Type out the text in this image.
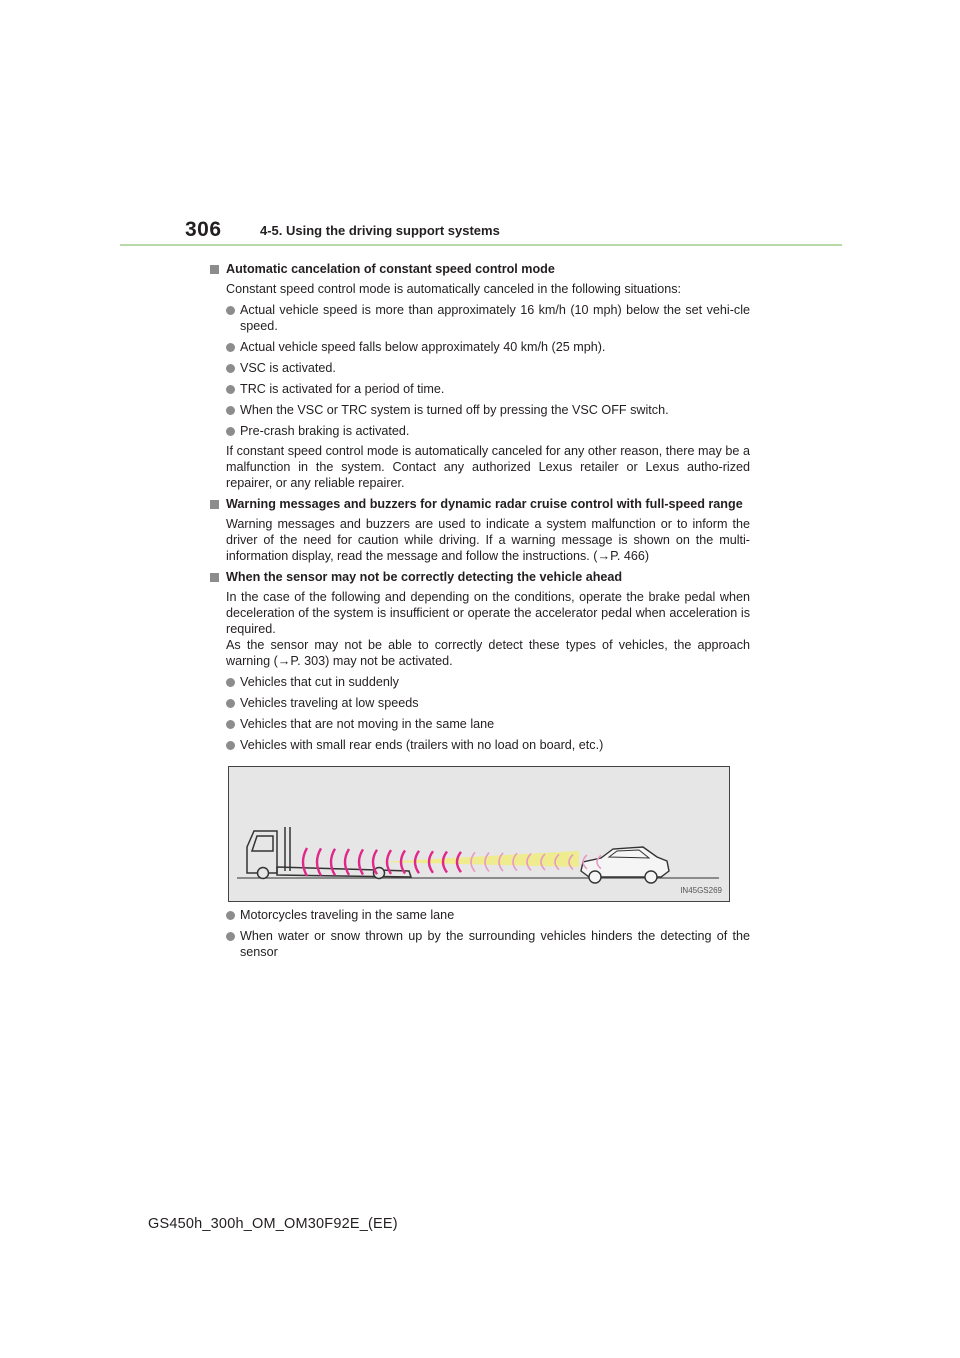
306	4-5. Using the driving support systems
Automatic cancelation of constant speed control mode
Constant speed control mode is automatically canceled in the following situations:
Actual vehicle speed is more than approximately 16 km/h (10 mph) below the set vehi-cle speed.
Actual vehicle speed falls below approximately 40 km/h (25 mph).
VSC is activated.
TRC is activated for a period of time.
When the VSC or TRC system is turned off by pressing the VSC OFF switch.
Pre-crash braking is activated.
If constant speed control mode is automatically canceled for any other reason, there may be a malfunction in the system. Contact any authorized Lexus retailer or Lexus autho-rized repairer, or any reliable repairer.
Warning messages and buzzers for dynamic radar cruise control with full-speed range
Warning messages and buzzers are used to indicate a system malfunction or to inform the driver of the need for caution while driving. If a warning message is shown on the multi-information display, read the message and follow the instructions. (→P. 466)
When the sensor may not be correctly detecting the vehicle ahead
In the case of the following and depending on the conditions, operate the brake pedal when deceleration of the system is insufficient or operate the accelerator pedal when acceleration is required.
As the sensor may not be able to correctly detect these types of vehicles, the approach warning (→P. 303) may not be activated.
Vehicles that cut in suddenly
Vehicles traveling at low speeds
Vehicles that are not moving in the same lane
Vehicles with small rear ends (trailers with no load on board, etc.)
IN45GS269
Motorcycles traveling in the same lane
When water or snow thrown up by the surrounding vehicles hinders the detecting of the sensor
GS450h_300h_OM_OM30F92E_(EE)
